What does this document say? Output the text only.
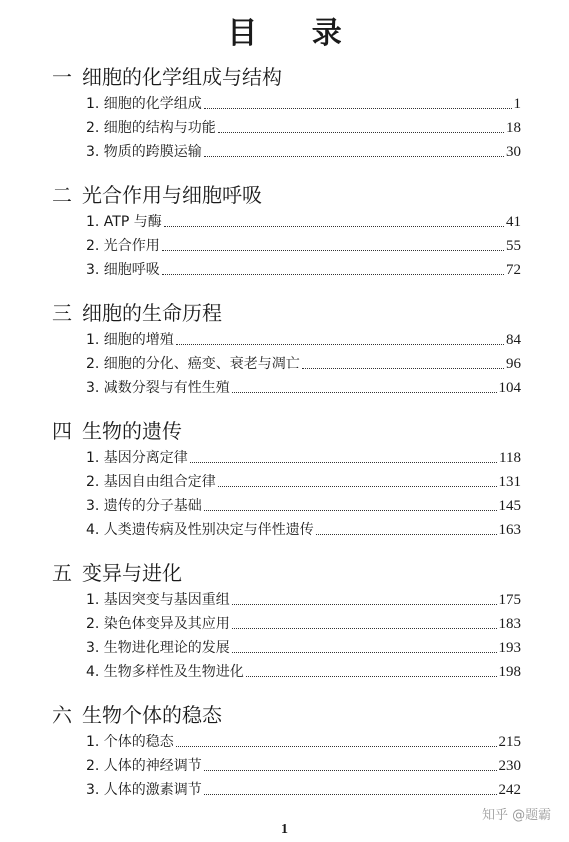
目 录
一 细胞的化学组成与结构
1. 细胞的化学组成	1
2. 细胞的结构与功能	18
3. 物质的跨膜运输	30
二 光合作用与细胞呼吸
1. ATP 与酶	41
2. 光合作用	55
3. 细胞呼吸	72
三 细胞的生命历程
1. 细胞的增殖	84
2. 细胞的分化、癌变、衰老与凋亡	96
3. 减数分裂与有性生殖	104
四 生物的遗传
1. 基因分离定律	118
2. 基因自由组合定律	131
3. 遗传的分子基础	145
4. 人类遗传病及性别决定与伴性遗传	163
五 变异与进化
1. 基因突变与基因重组	175
2. 染色体变异及其应用	183
3. 生物进化理论的发展	193
4. 生物多样性及生物进化	198
六 生物个体的稳态
1. 个体的稳态	215
2. 人体的神经调节	230
3. 人体的激素调节	242
1
知乎 @题霸
